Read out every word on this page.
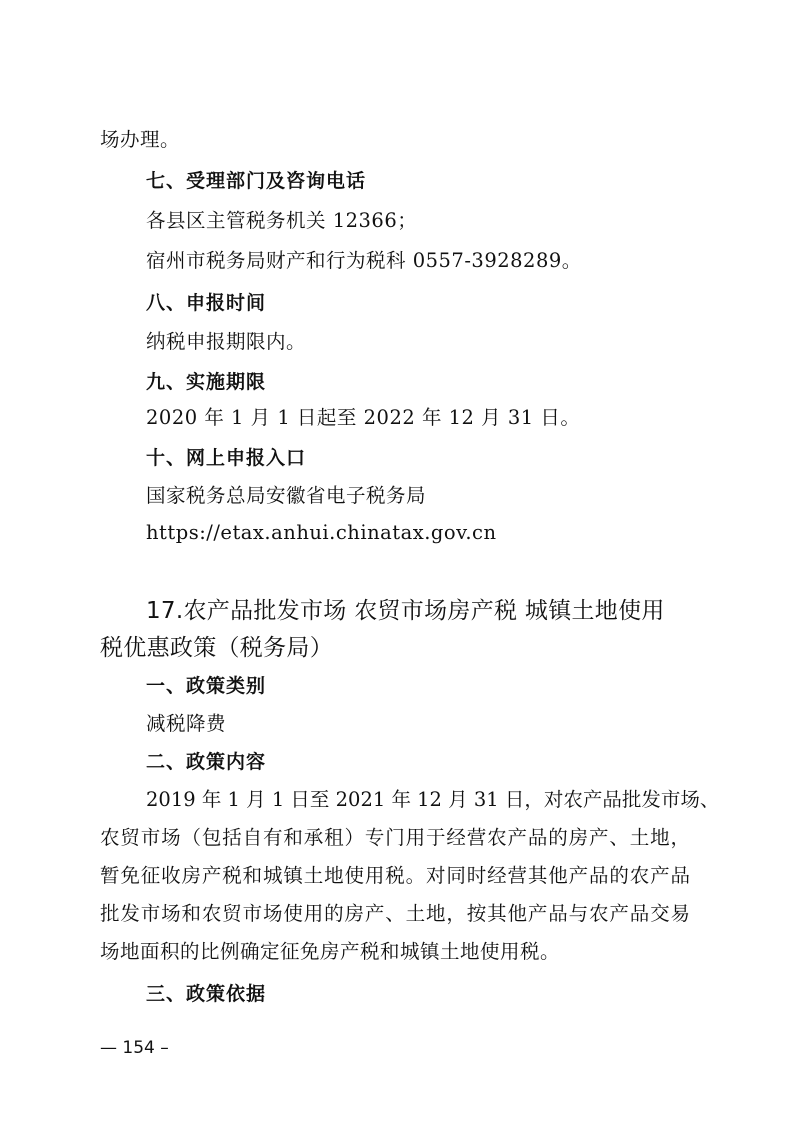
场办理。
七、受理部门及咨询电话
各县区主管税务机关 12366；
宿州市税务局财产和行为税科 0557-3928289。
八、申报时间
纳税申报期限内。
九、实施期限
2020 年 1 月 1 日起至 2022 年 12 月 31 日。
十、网上申报入口
国家税务总局安徽省电子税务局
https://etax.anhui.chinatax.gov.cn
17.农产品批发市场 农贸市场房产税 城镇土地使用
税优惠政策（税务局）
一、政策类别
减税降费
二、政策内容
2019 年 1 月 1 日至 2021 年 12 月 31 日，对农产品批发市场、
农贸市场（包括自有和承租）专门用于经营农产品的房产、土地，
暂免征收房产税和城镇土地使用税。对同时经营其他产品的农产品
批发市场和农贸市场使用的房产、土地，按其他产品与农产品交易
场地面积的比例确定征免房产税和城镇土地使用税。
三、政策依据
— 154 –
